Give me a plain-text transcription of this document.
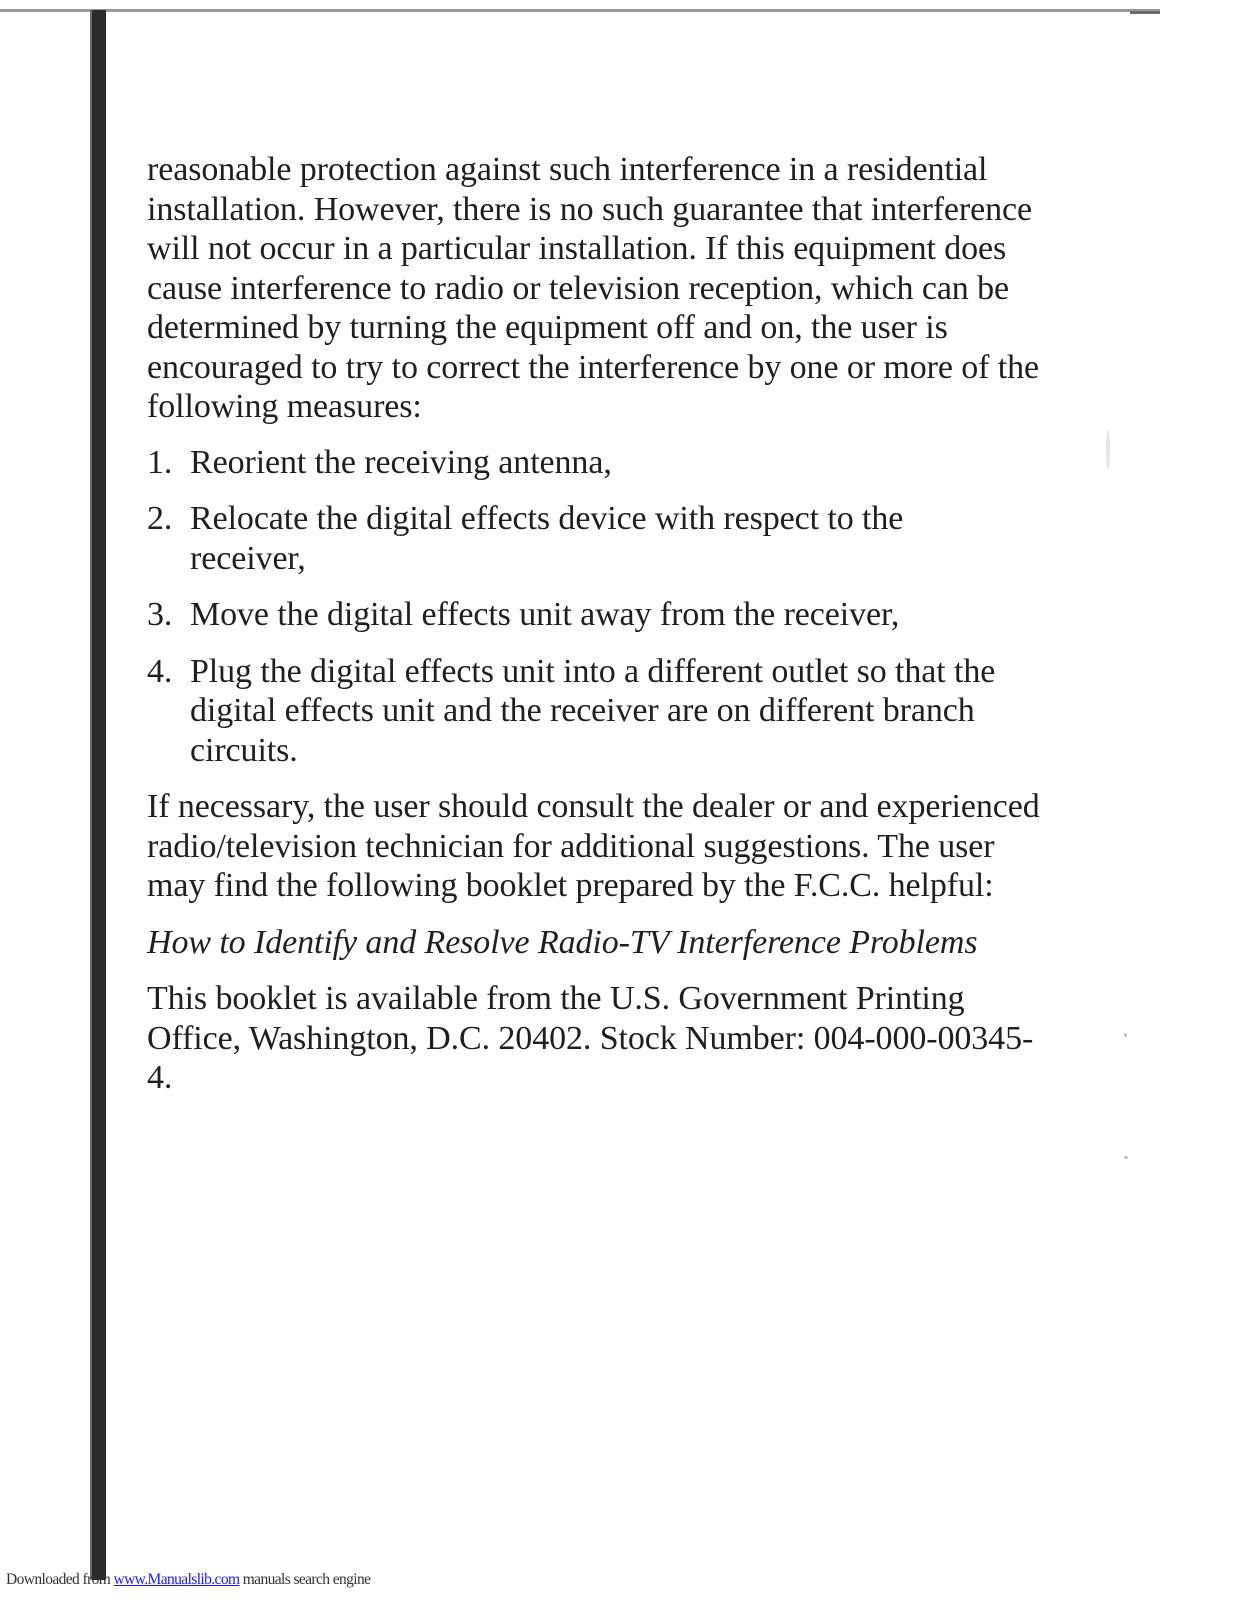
reasonable protection against such interference in a residential installation. However, there is no such guarantee that interference will not occur in a particular installation. If this equipment does cause interference to radio or television reception, which can be determined by turning the equipment off and on, the user is encouraged to try to correct the interference by one or more of the following measures:

1. Reorient the receiving antenna,
2. Relocate the digital effects device with respect to the receiver,
3. Move the digital effects unit away from the receiver,
4. Plug the digital effects unit into a different outlet so that the digital effects unit and the receiver are on different branch circuits.

If necessary, the user should consult the dealer or and experienced radio/television technician for additional suggestions. The user may find the following booklet prepared by the F.C.C. helpful:

How to Identify and Resolve Radio-TV Interference Problems

This booklet is available from the U.S. Government Printing Office, Washington, D.C. 20402. Stock Number: 004-000-00345-4.

Downloaded from www.Manualslib.com manuals search engine
